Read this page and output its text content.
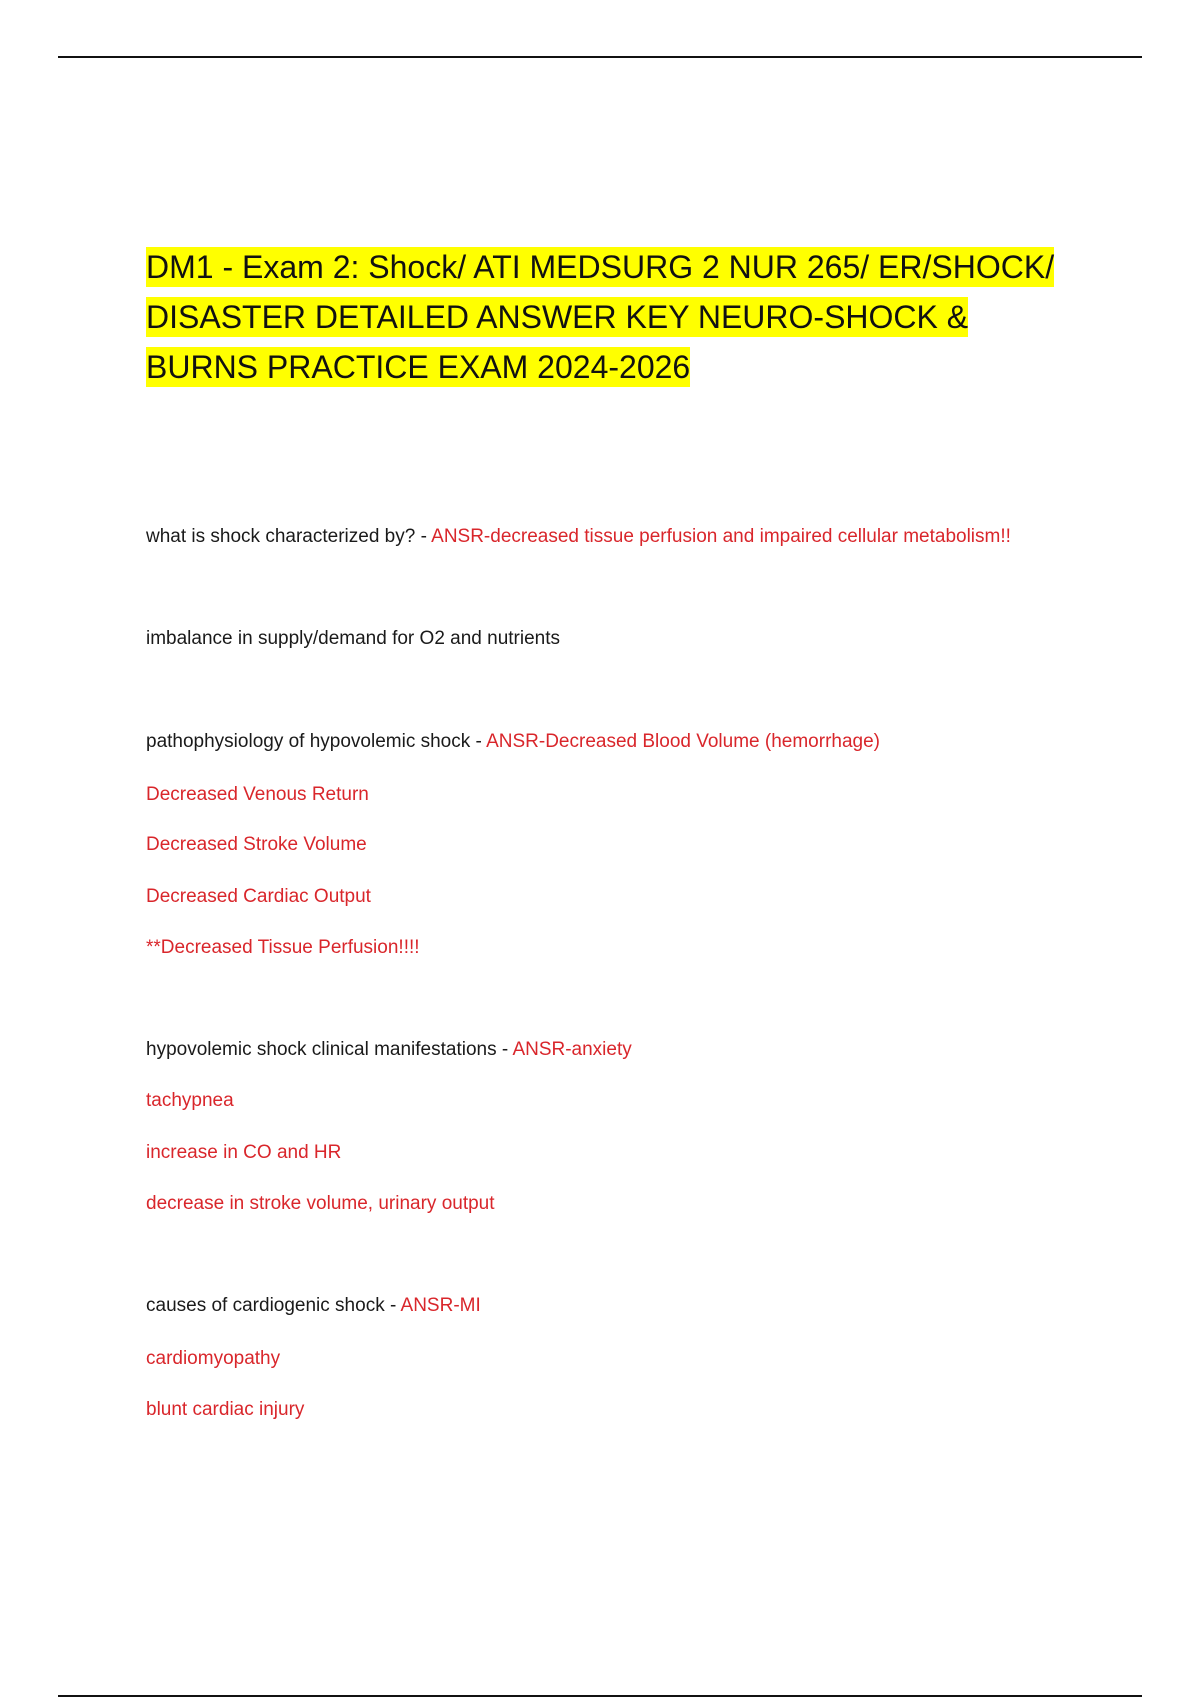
DM1 - Exam 2: Shock/ ATI MEDSURG 2 NUR 265/ ER/SHOCK/ DISASTER DETAILED ANSWER KEY NEURO-SHOCK & BURNS PRACTICE EXAM 2024-2026

what is shock characterized by? - ANSR-decreased tissue perfusion and impaired cellular metabolism!!

imbalance in supply/demand for O2 and nutrients

pathophysiology of hypovolemic shock - ANSR-Decreased Blood Volume (hemorrhage)

Decreased Venous Return

Decreased Stroke Volume

Decreased Cardiac Output

**Decreased Tissue Perfusion!!!!

hypovolemic shock clinical manifestations - ANSR-anxiety

tachypnea

increase in CO and HR

decrease in stroke volume, urinary output

causes of cardiogenic shock - ANSR-MI

cardiomyopathy

blunt cardiac injury
